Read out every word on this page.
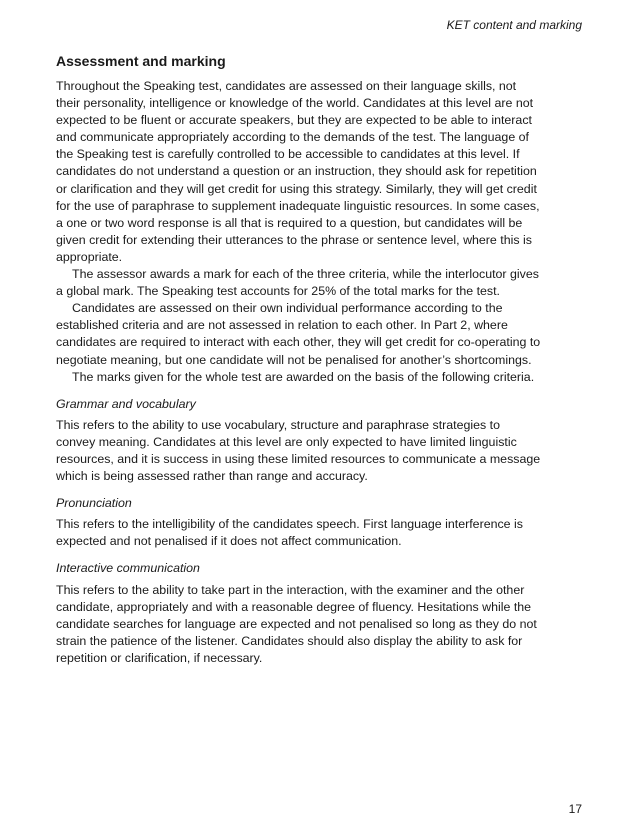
KET content and marking
Assessment and marking

Throughout the Speaking test, candidates are assessed on their language skills, not their personality, intelligence or knowledge of the world. Candidates at this level are not expected to be fluent or accurate speakers, but they are expected to be able to interact and communicate appropriately according to the demands of the test. The language of the Speaking test is carefully controlled to be accessible to candidates at this level. If candidates do not understand a question or an instruction, they should ask for repetition or clarification and they will get credit for using this strategy. Similarly, they will get credit for the use of paraphrase to supplement inadequate linguistic resources. In some cases, a one or two word response is all that is required to a question, but candidates will be given credit for extending their utterances to the phrase or sentence level, where this is appropriate.

The assessor awards a mark for each of the three criteria, while the interlocutor gives a global mark. The Speaking test accounts for 25% of the total marks for the test.

Candidates are assessed on their own individual performance according to the established criteria and are not assessed in relation to each other. In Part 2, where candidates are required to interact with each other, they will get credit for co-operating to negotiate meaning, but one candidate will not be penalised for another’s shortcomings.

The marks given for the whole test are awarded on the basis of the following criteria.

Grammar and vocabulary

This refers to the ability to use vocabulary, structure and paraphrase strategies to convey meaning. Candidates at this level are only expected to have limited linguistic resources, and it is success in using these limited resources to communicate a message which is being assessed rather than range and accuracy.

Pronunciation

This refers to the intelligibility of the candidates speech. First language interference is expected and not penalised if it does not affect communication.

Interactive communication

This refers to the ability to take part in the interaction, with the examiner and the other candidate, appropriately and with a reasonable degree of fluency. Hesitations while the candidate searches for language are expected and not penalised so long as they do not strain the patience of the listener. Candidates should also display the ability to ask for repetition or clarification, if necessary.

17
